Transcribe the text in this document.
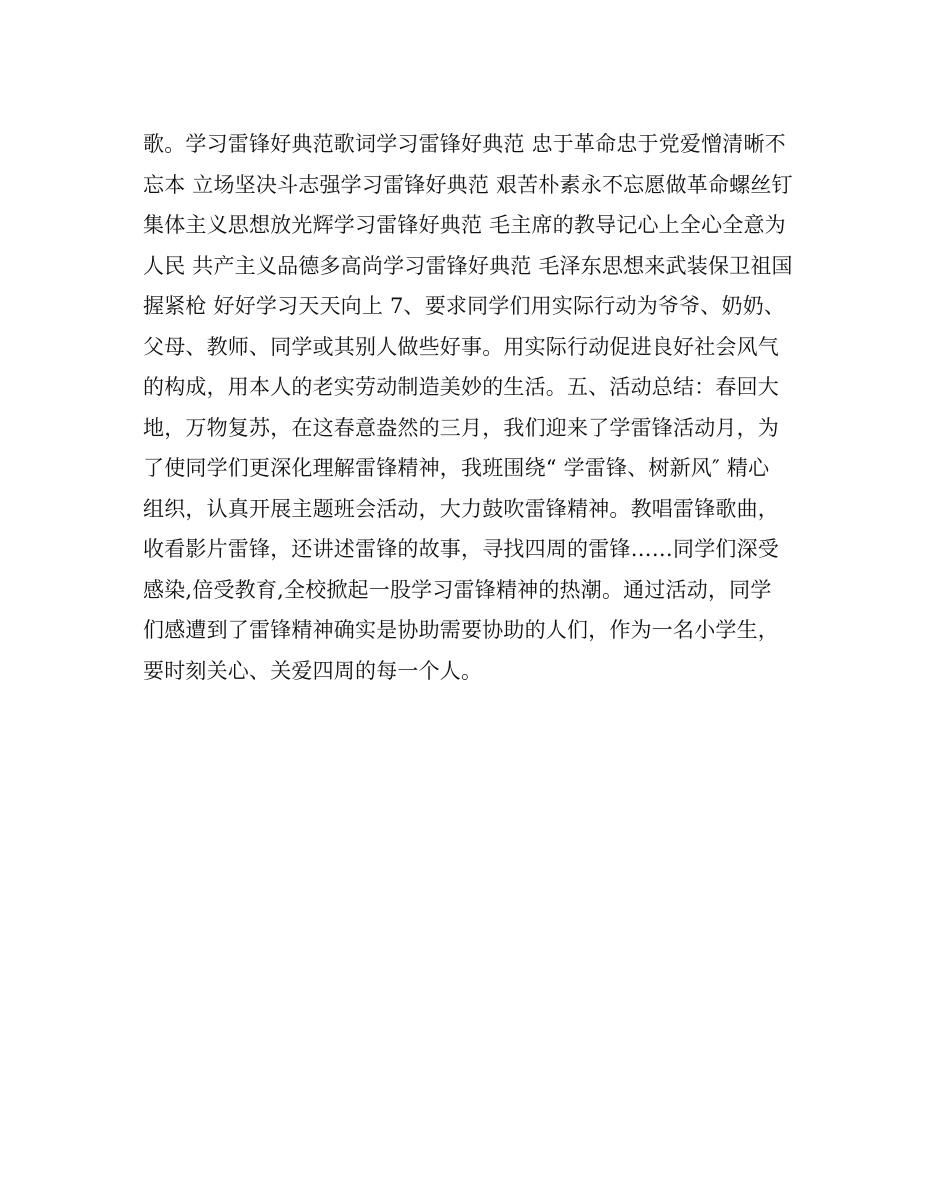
歌。学习雷锋好典范歌词学习雷锋好典范 忠于革命忠于党爱憎清晰不
忘本 立场坚决斗志强学习雷锋好典范 艰苦朴素永不忘愿做革命螺丝钉
集体主义思想放光辉学习雷锋好典范 毛主席的教导记心上全心全意为
人民 共产主义品德多高尚学习雷锋好典范 毛泽东思想来武装保卫祖国
握紧枪 好好学习天天向上 7、要求同学们用实际行动为爷爷、奶奶、
父母、教师、同学或其别人做些好事。用实际行动促进良好社会风气
的构成，用本人的老实劳动制造美妙的生活。五、活动总结：春回大
地，万物复苏，在这春意盎然的三月，我们迎来了学雷锋活动月，为
了使同学们更深化理解雷锋精神，我班围绕“ 学雷锋、树新风″ 精心
组织，认真开展主题班会活动，大力鼓吹雷锋精神。教唱雷锋歌曲，
收看影片雷锋，还讲述雷锋的故事，寻找四周的雷锋……同学们深受
感染,倍受教育,全校掀起一股学习雷锋精神的热潮。通过活动，同学
们感遭到了雷锋精神确实是协助需要协助的人们，作为一名小学生，
要时刻关心、关爱四周的每一个人。
